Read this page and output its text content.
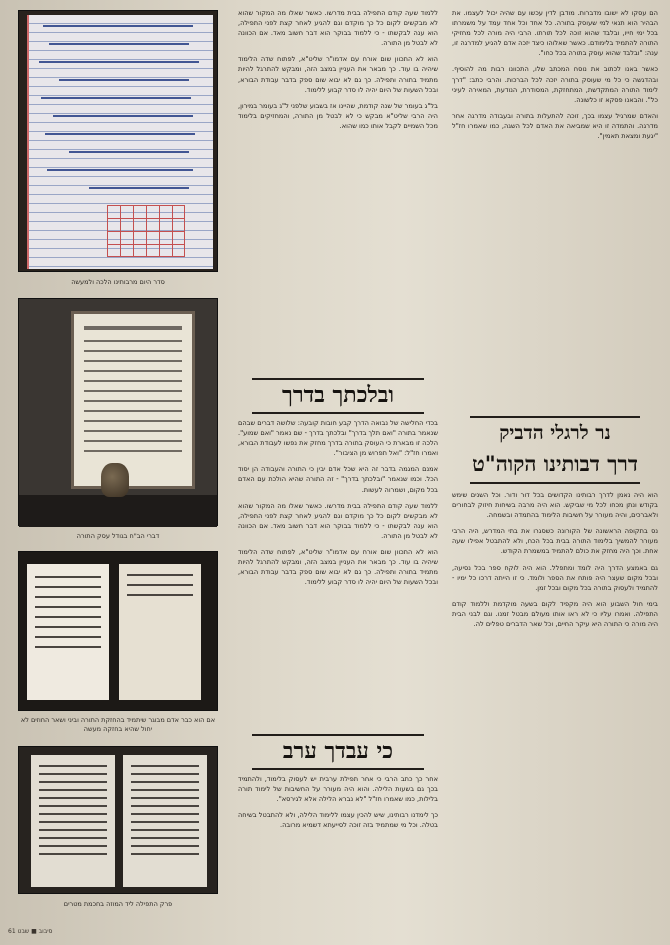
סדר היום מרבותינו הלכה ולמעשה
דברי הב"ח בגודל עסק התורה
אם הוא כבר אדם מבוגר שיתמיד בהחזקת התורה וביני ושאר החוזים לא יחול שהיא בחזקה מעשה
פרק התפילה ליד המוזה בחכמת מטרים

ללמוד שעה קודם התפילה בבית מדרשו. כאשר שאלו מה המקור שהוא לא מבקשים לקום כל כך מוקדם וגם להגיע לאחר קצת לפני התפילה, הוא ענה לבקשתו - כי ללמוד בבוקר הוא דבר חשוב מאד. אם הכוונה לא לבטל מן התורה.

הוא לא התכוון שום אורח עם אדמו"ר שליט"א, לפתוח שדה הלימוד שיהיה בו עוד. כך מבאר את העניין במצב הזה, ומבקש להתרגל להיות מתמיד בתורה ותפילה. כך גם לא יבוא שום ספק בדבר עבודת הבורא, ובכל השעות של היום יהיה לו סדר קבוע ללימוד.

בל"ג בעומר של שנה קודמת, שהיינו אז בשבוע שלפני ל"ג בעומר במירון, היה הרבי שליט"א מבקש כי לא לבטל מן התורה, והמחזיקים בלימוד מכל השמיים לקבל אותו כמו שהוא.

ובלכתך בדרך

בכדי החלישה של נבואה הדרך קבע חובות קובעה: שלושה דברים שבהם שנאמר בתורה "ואם תלך בדרך" ובלכתך בדרך - שם נאמר "ואם שמוע". הלכה זו מבארת כי העוסק בתורה בדרך מחזק את נפשו לעבודת הבורא, ואמרו חז"ל: "ואל תפרוש מן הציבור".

אמנם המגמה בדבר זה היא שכל אדם יבין כי התורה והעבודה הן יסוד הכל. וכמו שנאמר "ובלכתך בדרך" - זה התורה שהיא הולכת עם האדם בכל מקום, ושמרוה לעשות.

ללמוד שעה קודם התפילה בבית מדרשו. כאשר שאלו מה המקור שהוא לא מבקשים לקום כל כך מוקדם וגם להגיע לאחר קצת לפני התפילה, הוא ענה לבקשתו - כי ללמוד בבוקר הוא דבר חשוב מאד. אם הכוונה לא לבטל מן התורה.

הוא לא התכוון שום אורח עם אדמו"ר שליט"א, לפתוח שדה הלימוד שיהיה בו עוד. כך מבאר את העניין במצב הזה, ומבקש להתרגל להיות מתמיד בתורה ותפילה. כך גם לא יבוא שום ספק בדבר עבודת הבורא, ובכל השעות של היום יהיה לו סדר קבוע ללימוד.

כי עבדך ערב

אחר כך כתב הרבי כי אחר תפילת ערבית יש לעסוק בלימוד, ולהתמיד בכך גם בשעות הלילה. והוא היה מעורר על החשיבות של לימוד תורה בלילות, כמו שאמרו חז"ל "לא נברא הלילה אלא לגירסא".

כך לימדנו רבותינו, שיש להכין עצמו ללימוד הלילה, ולא להתבטל בשיחה בטלה. וכל מי שמתמיד בזה זוכה לסייעתא דשמיא מרובה.

הם עסקו לא ישובו מדברות. מודבן לדין עכשו עם שהיה יכול לעצמו. את הבהיר הוא תנאי למי שעוסק בתורה. כל אחד וכל אחד עמד על משמרתו בכל ימי חייו, ובלבד שהוא זוכה לכל תורתו. הרבי היה מורה לכל מחזיקי התורה להתמיד בלימודם. כאשר שאלוהו כיצד יזכה אדם להגיע למדרגה זו, ענה: "ובלבד שהוא עוסק בתורה בכל כחו".

כאשר באנו לכתוב את נוסח המכתב שלו, התכוונו רבות מה להוסיף. ובהדגשה כי כל מי שעוסק בתורה יזכה לכל הברכות. והרבי כתב: "דרך לימוד התורה המתקדשת, המתחזקת, המסודרת, הנודעת, המאירה לעיני כל". והבאנו פסקא זו כלשונה.

והאדם שמרגיל עצמו בכך, זוכה להתעלות בתורה ובעבודה מדרגה אחר מדרגה. והתמדה זו היא שמביאה את האדם לכל השגה, כמו שאמרו חז"ל "יגעת ומצאת תאמין".

נר לרגלי הדביק
דרך דבותינו הקוה"ט

הוא היה נאמן לדרך רבותינו הקדושים בכל דור ודור. וכל השנים שימש בקודש ונתן מכחו לכל מי שביקש. הוא היה מרבה בשיחות חיזוק לבחורים ולאברכים, והיה מעורר על חשיבות הלימוד בהתמדה ובשמחה.

נס בתקופה הראשונה של הקורונה כשסגרו את בתי המדרש, היה הרבי מעורר להמשיך בלימוד התורה בבית בכל הכח, ולא להתבטל אפילו שעה אחת. וכך היה מחזק את כולם להתמיד במשמרת הקודש.

גם באמצע הדרך היה לומד ומתפלל. הוא היה לוקח ספר בכל נסיעה, ובכל מקום שעצר היה פותח את הספר ולומד. כי זו הייתה דרכו כל ימיו - להתמיד ולעסוק בתורה בכל מקום ובכל זמן.

בימי חול השבוע הוא היה מקפיד לקום בשעה מוקדמת וללמוד קודם התפילה. ואמרו עליו כי לא ראו אותו מעולם מבטל זמנו. וגם לבני הבית היה מורה כי התורה היא עיקר החיים, וכל שאר הדברים טפלים לה.

סיבוב ■ שבט 61
